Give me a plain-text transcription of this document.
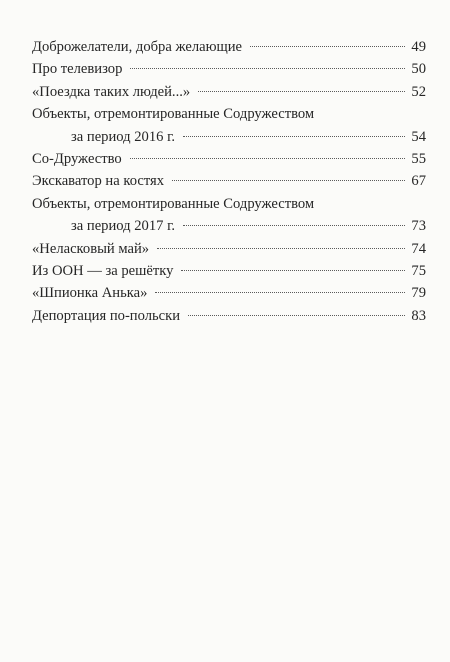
Доброжелатели, добра желающие	49
Про телевизор	50
«Поездка таких людей...»	52
Объекты, отремонтированные Содружеством
за период 2016 г.	54
Со-Дружество	55
Экскаватор на костях	67
Объекты, отремонтированные Содружеством
за период 2017 г.	73
«Неласковый май»	74
Из ООН — за решётку	75
«Шпионка Анька»	79
Депортация по-польски	83
